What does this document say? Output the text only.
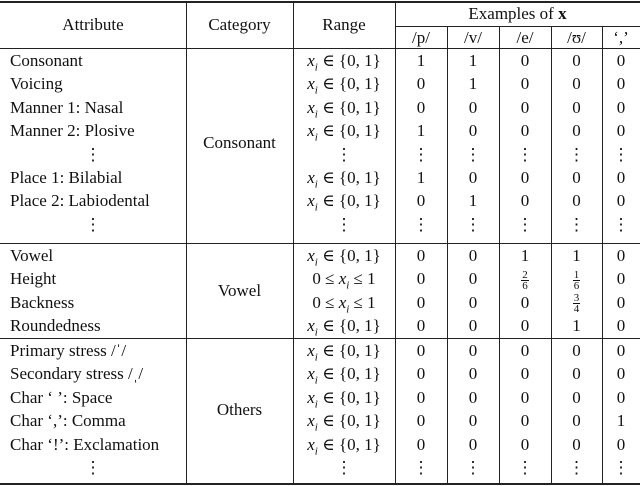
Attribute	Category	Range
Examples of x
/p/	/v/	/e/	/ʊ/	‘,’
Consonant
Consonant	$x_i$ ∈ {0, 1}	1	1	0	0	0
Voicing	$x_i$ ∈ {0, 1}	0	1	0	0	0
Manner 1: Nasal	$x_i$ ∈ {0, 1}	0	0	0	0	0
Manner 2: Plosive	$x_i$ ∈ {0, 1}	1	0	0	0	0
⋮	⋮	⋮	⋮	⋮	⋮	⋮
Place 1: Bilabial	$x_i$ ∈ {0, 1}	1	0	0	0	0
Place 2: Labiodental	$x_i$ ∈ {0, 1}	0	1	0	0	0
⋮	⋮	⋮	⋮	⋮	⋮	⋮
Vowel
Vowel	$x_i$ ∈ {0, 1}	0	0	1	1	0
Height	$0 \le x_i \le 1$	0	0	$\frac{2}{6}$	$\frac{1}{6}$	0
Backness	$0 \le x_i \le 1$	0	0	0	$\frac{3}{4}$	0
Roundedness	$x_i$ ∈ {0, 1}	0	0	0	1	0
Others
Primary stress /ˈ/	$x_i$ ∈ {0, 1}	0	0	0	0	0
Secondary stress /ˌ/	$x_i$ ∈ {0, 1}	0	0	0	0	0
Char ‘ ’: Space	$x_i$ ∈ {0, 1}	0	0	0	0	0
Char ‘,’: Comma	$x_i$ ∈ {0, 1}	0	0	0	0	1
Char ‘!’: Exclamation	$x_i$ ∈ {0, 1}	0	0	0	0	0
⋮	⋮	⋮	⋮	⋮	⋮	⋮
